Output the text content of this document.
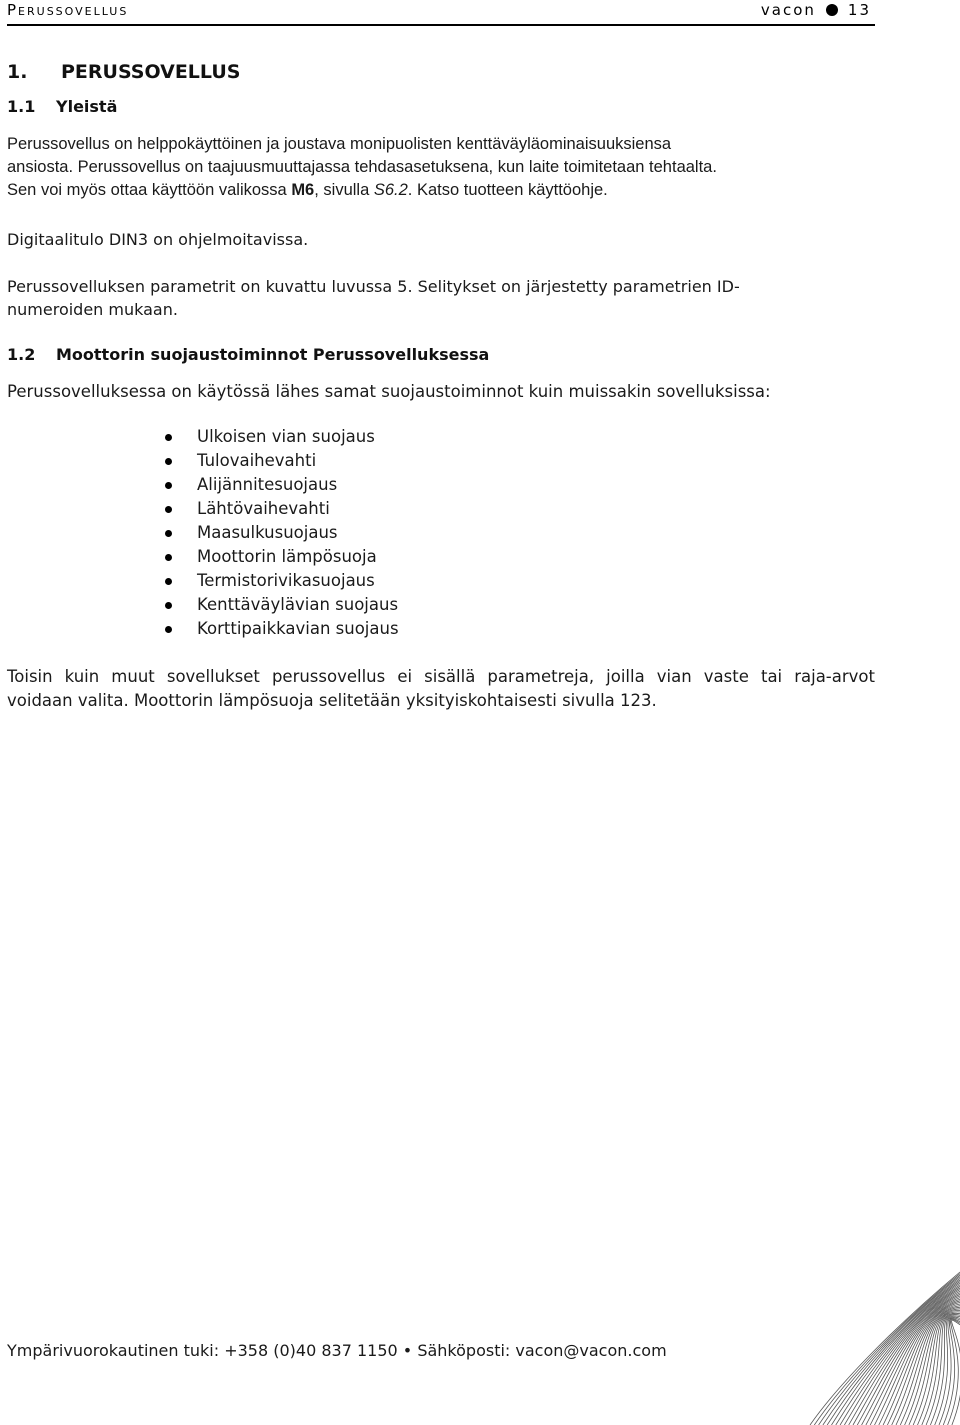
Perussovellus	vacon 13
1. PERUSSOVELLUS
1.1 Yleistä
Perussovellus on helppokäyttöinen ja joustava monipuolisten kenttäväyläominaisuuksiensa
ansiosta. Perussovellus on taajuusmuuttajassa tehdasasetuksena, kun laite toimitetaan tehtaalta.
Sen voi myös ottaa käyttöön valikossa M6, sivulla S6.2. Katso tuotteen käyttöohje.
Digitaalitulo DIN3 on ohjelmoitavissa.
Perussovelluksen parametrit on kuvattu luvussa 5. Selitykset on järjestetty parametrien ID-
numeroiden mukaan.
1.2 Moottorin suojaustoiminnot Perussovelluksessa
Perussovelluksessa on käytössä lähes samat suojaustoiminnot kuin muissakin sovelluksissa:
Ulkoisen vian suojaus
Tulovaihevahti
Alijännitesuojaus
Lähtövaihevahti
Maasulkusuojaus
Moottorin lämpösuoja
Termistorivikasuojaus
Kenttäväylävian suojaus
Korttipaikkavian suojaus
Toisin kuin muut sovellukset perussovellus ei sisällä parametreja, joilla vian vaste tai raja-arvot
voidaan valita. Moottorin lämpösuoja selitetään yksityiskohtaisesti sivulla 123.
Ympärivuorokautinen tuki: +358 (0)40 837 1150 • Sähköposti: vacon@vacon.com
